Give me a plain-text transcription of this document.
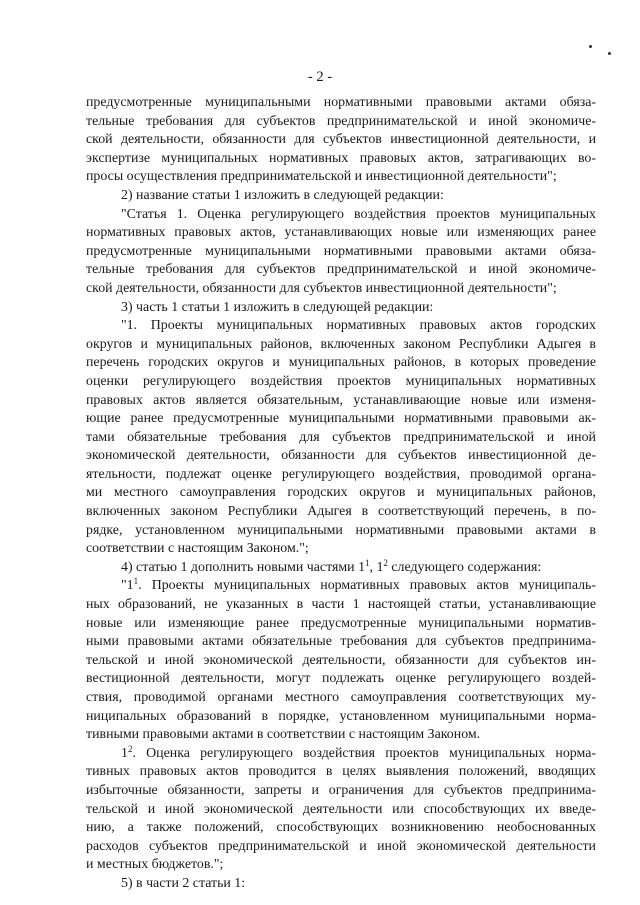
- 2 -
предусмотренные муниципальными нормативными правовыми актами обяза-
тельные требования для субъектов предпринимательской и иной экономиче-
ской деятельности, обязанности для субъектов инвестиционной деятельности, и
экспертизе муниципальных нормативных правовых актов, затрагивающих во-
просы осуществления предпринимательской и инвестиционной деятельности";
2) название статьи 1 изложить в следующей редакции:
"Статья 1. Оценка регулирующего воздействия проектов муниципальных
нормативных правовых актов, устанавливающих новые или изменяющих ранее
предусмотренные муниципальными нормативными правовыми актами обяза-
тельные требования для субъектов предпринимательской и иной экономиче-
ской деятельности, обязанности для субъектов инвестиционной деятельности";
3) часть 1 статьи 1 изложить в следующей редакции:
"1. Проекты муниципальных нормативных правовых актов городских
округов и муниципальных районов, включенных законом Республики Адыгея в
перечень городских округов и муниципальных районов, в которых проведение
оценки регулирующего воздействия проектов муниципальных нормативных
правовых актов является обязательным, устанавливающие новые или изменя-
ющие ранее предусмотренные муниципальными нормативными правовыми ак-
тами обязательные требования для субъектов предпринимательской и иной
экономической деятельности, обязанности для субъектов инвестиционной де-
ятельности, подлежат оценке регулирующего воздействия, проводимой органа-
ми местного самоуправления городских округов и муниципальных районов,
включенных законом Республики Адыгея в соответствующий перечень, в по-
рядке, установленном муниципальными нормативными правовыми актами в
соответствии с настоящим Законом.";
4) статью 1 дополнить новыми частями $1^1$, $1^2$ следующего содержания:
"$1^1$. Проекты муниципальных нормативных правовых актов муниципаль-
ных образований, не указанных в части 1 настоящей статьи, устанавливающие
новые или изменяющие ранее предусмотренные муниципальными норматив-
ными правовыми актами обязательные требования для субъектов предпринима-
тельской и иной экономической деятельности, обязанности для субъектов ин-
вестиционной деятельности, могут подлежать оценке регулирующего воздей-
ствия, проводимой органами местного самоуправления соответствующих му-
ниципальных образований в порядке, установленном муниципальными норма-
тивными правовыми актами в соответствии с настоящим Законом.
$1^2$. Оценка регулирующего воздействия проектов муниципальных норма-
тивных правовых актов проводится в целях выявления положений, вводящих
избыточные обязанности, запреты и ограничения для субъектов предпринима-
тельской и иной экономической деятельности или способствующих их введе-
нию, а также положений, способствующих возникновению необоснованных
расходов субъектов предпринимательской и иной экономической деятельности
и местных бюджетов.";
5) в части 2 статьи 1:
